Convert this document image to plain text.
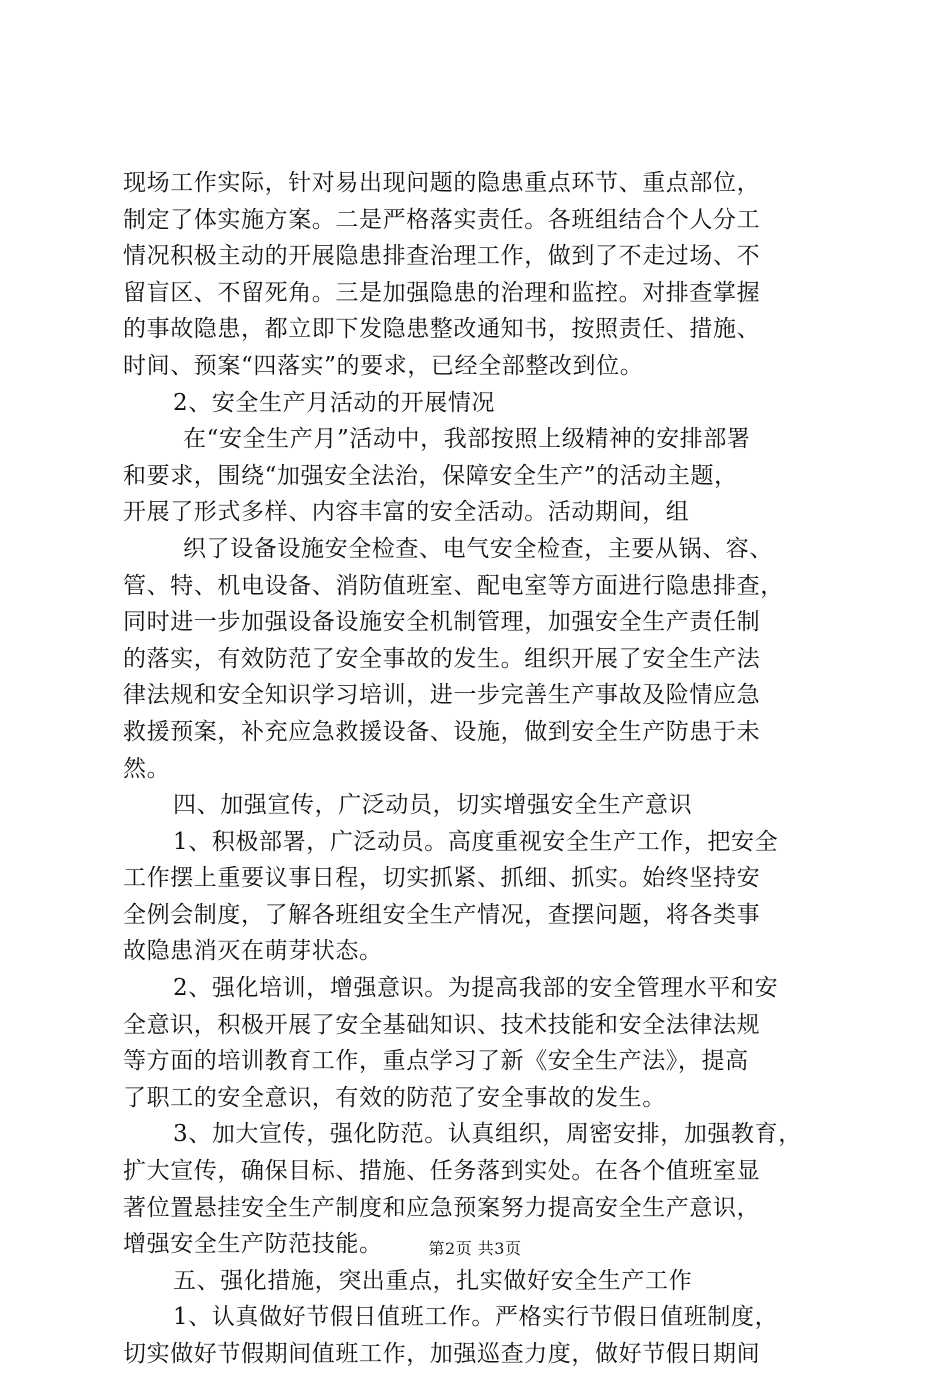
现场工作实际，针对易出现问题的隐患重点环节、重点部位，
制定了体实施方案。二是严格落实责任。各班组结合个人分工
情况积极主动的开展隐患排查治理工作，做到了不走过场、不
留盲区、不留死角。三是加强隐患的治理和监控。对排查掌握
的事故隐患，都立即下发隐患整改通知书，按照责任、措施、
时间、预案“四落实”的要求，已经全部整改到位。
2、安全生产月活动的开展情况
在“安全生产月”活动中，我部按照上级精神的安排部署
和要求，围绕“加强安全法治，保障安全生产”的活动主题，
开展了形式多样、内容丰富的安全活动。活动期间，组
织了设备设施安全检查、电气安全检查，主要从锅、容、
管、特、机电设备、消防值班室、配电室等方面进行隐患排查，
同时进一步加强设备设施安全机制管理，加强安全生产责任制
的落实，有效防范了安全事故的发生。组织开展了安全生产法
律法规和安全知识学习培训，进一步完善生产事故及险情应急
救援预案，补充应急救援设备、设施，做到安全生产防患于未
然。
四、加强宣传，广泛动员，切实增强安全生产意识
1、积极部署，广泛动员。高度重视安全生产工作，把安全
工作摆上重要议事日程，切实抓紧、抓细、抓实。始终坚持安
全例会制度，了解各班组安全生产情况，查摆问题，将各类事
故隐患消灭在萌芽状态。
2、强化培训，增强意识。为提高我部的安全管理水平和安
全意识，积极开展了安全基础知识、技术技能和安全法律法规
等方面的培训教育工作，重点学习了新《安全生产法》，提高
了职工的安全意识，有效的防范了安全事故的发生。
3、加大宣传，强化防范。认真组织，周密安排，加强教育，
扩大宣传，确保目标、措施、任务落到实处。在各个值班室显
著位置悬挂安全生产制度和应急预案努力提高安全生产意识，
增强安全生产防范技能。
五、强化措施，突出重点，扎实做好安全生产工作
1、认真做好节假日值班工作。严格实行节假日值班制度，
切实做好节假期间值班工作，加强巡查力度，做好节假日期间
第2页 共3页
